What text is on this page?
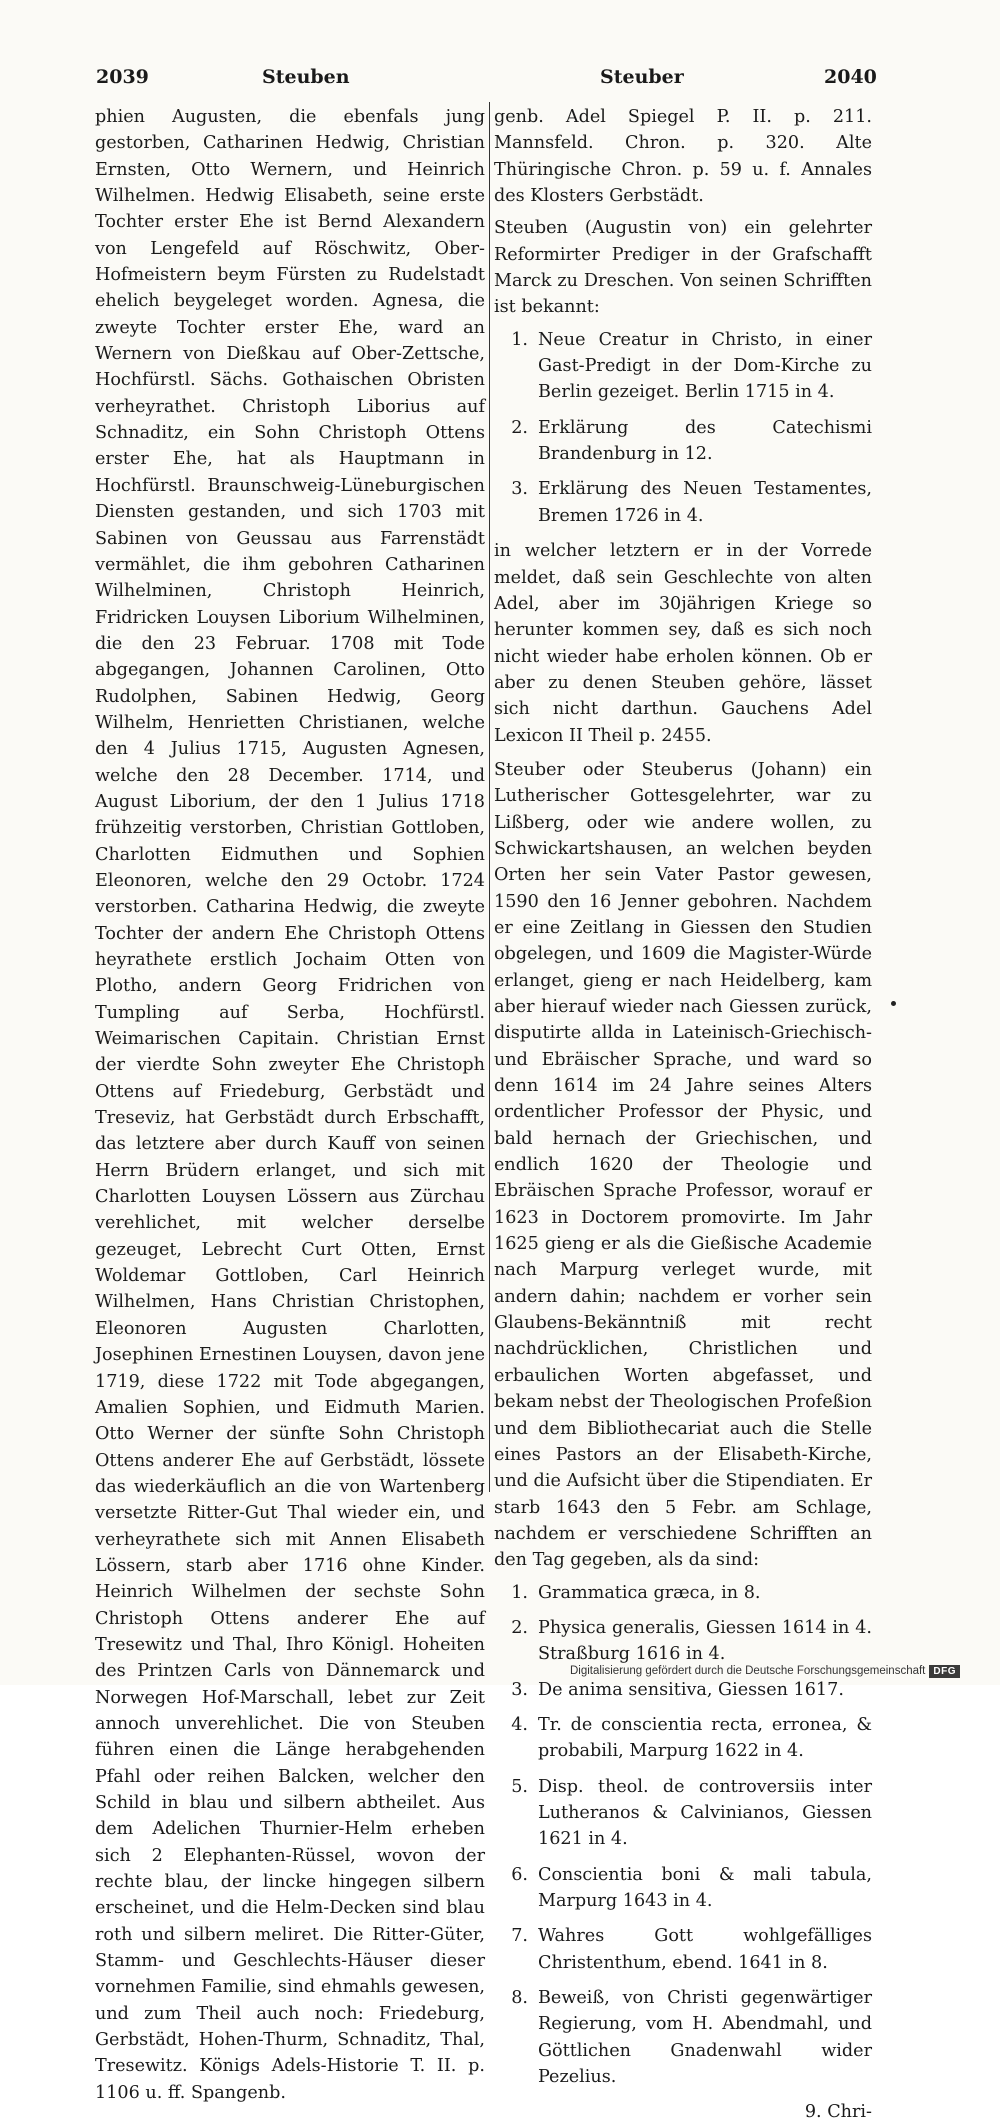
2039	Steuben	Steuber	2040

phien Augusten, die ebenfals jung gestorben, Catharinen Hedwig, Christian Ernsten, Otto Wernern, und Heinrich Wilhelmen. Hedwig Elisabeth, seine erste Tochter erster Ehe ist Bernd Alexandern von Lengefeld auf Röschwitz, Ober-Hofmeistern beym Fürsten zu Rudelstadt ehelich beygeleget worden. Agnesa, die zweyte Tochter erster Ehe, ward an Wernern von Dießkau auf Ober-Zettsche, Hochfürstl. Sächs. Gothaischen Obristen verheyrathet. Christoph Liborius auf Schnaditz, ein Sohn Christoph Ottens erster Ehe, hat als Hauptmann in Hochfürstl. Braunschweig-Lüneburgischen Diensten gestanden, und sich 1703 mit Sabinen von Geussau aus Farrenstädt vermählet, die ihm gebohren Catharinen Wilhelminen, Christoph Heinrich, Fridricken Louysen Liborium Wilhelminen, die den 23 Februar. 1708 mit Tode abgegangen, Johannen Carolinen, Otto Rudolphen, Sabinen Hedwig, Georg Wilhelm, Henrietten Christianen, welche den 4 Julius 1715, Augusten Agnesen, welche den 28 December. 1714, und August Liborium, der den 1 Julius 1718 frühzeitig verstorben, Christian Gottloben, Charlotten Eidmuthen und Sophien Eleonoren, welche den 29 Octobr. 1724 verstorben. Catharina Hedwig, die zweyte Tochter der andern Ehe Christoph Ottens heyrathete erstlich Jochaim Otten von Plotho, andern Georg Fridrichen von Tumpling auf Serba, Hochfürstl. Weimarischen Capitain. Christian Ernst der vierdte Sohn zweyter Ehe Christoph Ottens auf Friedeburg, Gerbstädt und Treseviz, hat Gerbstädt durch Erbschafft, das letztere aber durch Kauff von seinen Herrn Brüdern erlanget, und sich mit Charlotten Louysen Lössern aus Zürchau verehlichet, mit welcher derselbe gezeuget, Lebrecht Curt Otten, Ernst Woldemar Gottloben, Carl Heinrich Wilhelmen, Hans Christian Christophen, Eleonoren Augusten Charlotten, Josephinen Ernestinen Louysen, davon jene 1719, diese 1722 mit Tode abgegangen, Amalien Sophien, und Eidmuth Marien. Otto Werner der sünfte Sohn Christoph Ottens anderer Ehe auf Gerbstädt, lössete das wiederkäuflich an die von Wartenberg versetzte Ritter-Gut Thal wieder ein, und verheyrathete sich mit Annen Elisabeth Lössern, starb aber 1716 ohne Kinder. Heinrich Wilhelmen der sechste Sohn Christoph Ottens anderer Ehe auf Tresewitz und Thal, Ihro Königl. Hoheiten des Printzen Carls von Dännemarck und Norwegen Hof-Marschall, lebet zur Zeit annoch unverehlichet. Die von Steuben führen einen die Länge herabgehenden Pfahl oder reihen Balcken, welcher den Schild in blau und silbern abtheilet. Aus dem Adelichen Thurnier-Helm erheben sich 2 Elephanten-Rüssel, wovon der rechte blau, der lincke hingegen silbern erscheinet, und die Helm-Decken sind blau roth und silbern meliret. Die Ritter-Güter, Stamm- und Geschlechts-Häuser dieser vornehmen Familie, sind ehmahls gewesen, und zum Theil auch noch: Friedeburg, Gerbstädt, Hohen-Thurm, Schnaditz, Thal, Tresewitz. Königs Adels-Historie T. II. p. 1106 u. ff. Spangenb.

genb. Adel Spiegel P. II. p. 211. Mannsfeld. Chron. p. 320. Alte Thüringische Chron. p. 59 u. f. Annales des Klosters Gerbstädt.

Steuben (Augustin von) ein gelehrter Reformirter Prediger in der Grafschafft Marck zu Dreschen. Von seinen Schrifften ist bekannt:

1. Neue Creatur in Christo, in einer Gast-Predigt in der Dom-Kirche zu Berlin gezeiget. Berlin 1715 in 4.
2. Erklärung des Catechismi Brandenburg in 12.
3. Erklärung des Neuen Testamentes, Bremen 1726 in 4.

in welcher letztern er in der Vorrede meldet, daß sein Geschlechte von alten Adel, aber im 30jährigen Kriege so herunter kommen sey, daß es sich noch nicht wieder habe erholen können. Ob er aber zu denen Steuben gehöre, lässet sich nicht darthun. Gauchens Adel Lexicon II Theil p. 2455.

Steuber oder Steuberus (Johann) ein Lutherischer Gottesgelehrter, war zu Lißberg, oder wie andere wollen, zu Schwickartshausen, an welchen beyden Orten her sein Vater Pastor gewesen, 1590 den 16 Jenner gebohren. Nachdem er eine Zeitlang in Giessen den Studien obgelegen, und 1609 die Magister-Würde erlanget, gieng er nach Heidelberg, kam aber hierauf wieder nach Giessen zurück, disputirte allda in Lateinisch-Griechisch- und Ebräischer Sprache, und ward so denn 1614 im 24 Jahre seines Alters ordentlicher Professor der Physic, und bald hernach der Griechischen, und endlich 1620 der Theologie und Ebräischen Sprache Professor, worauf er 1623 in Doctorem promovirte. Im Jahr 1625 gieng er als die Gießische Academie nach Marpurg verleget wurde, mit andern dahin; nachdem er vorher sein Glaubens-Bekänntniß mit recht nachdrücklichen, Christlichen und erbaulichen Worten abgefasset, und bekam nebst der Theologischen Profeßion und dem Bibliothecariat auch die Stelle eines Pastors an der Elisabeth-Kirche, und die Aufsicht über die Stipendiaten. Er starb 1643 den 5 Febr. am Schlage, nachdem er verschiedene Schrifften an den Tag gegeben, als da sind:

1. Grammatica græca, in 8.
2. Physica generalis, Giessen 1614 in 4. Straßburg 1616 in 4.
3. De anima sensitiva, Giessen 1617.
4. Tr. de conscientia recta, erronea, & probabili, Marpurg 1622 in 4.
5. Disp. theol. de controversiis inter Lutheranos & Calvinianos, Giessen 1621 in 4.
6. Conscientia boni & mali tabula, Marpurg 1643 in 4.
7. Wahres Gott wohlgefälliges Christenthum, ebend. 1641 in 8.
8. Beweiß, von Christi gegenwärtiger Regierung, vom H. Abendmahl, und Göttlichen Gnadenwahl wider Pezelius.
9. Chri-
Digitalisierung gefördert durch die Deutsche Forschungsgemeinschaft DFG
